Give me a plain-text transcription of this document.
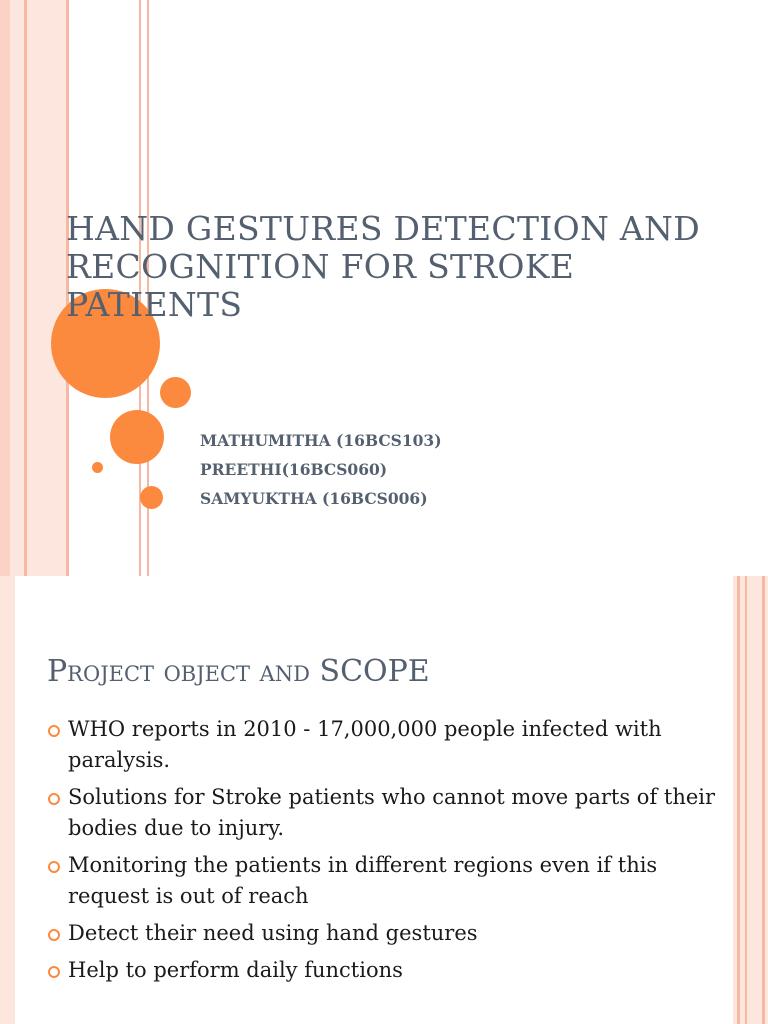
HAND GESTURES DETECTION AND RECOGNITION FOR STROKE PATIENTS
MATHUMITHA (16BCS103)
PREETHI(16BCS060)
SAMYUKTHA (16BCS006)
Project object and SCOPE
WHO reports in 2010 - 17,000,000 people infected with paralysis.
Solutions for Stroke patients who cannot move parts of their bodies due to injury.
Monitoring the patients in different regions even if this request is out of reach
Detect their need using hand gestures
Help to perform daily functions
